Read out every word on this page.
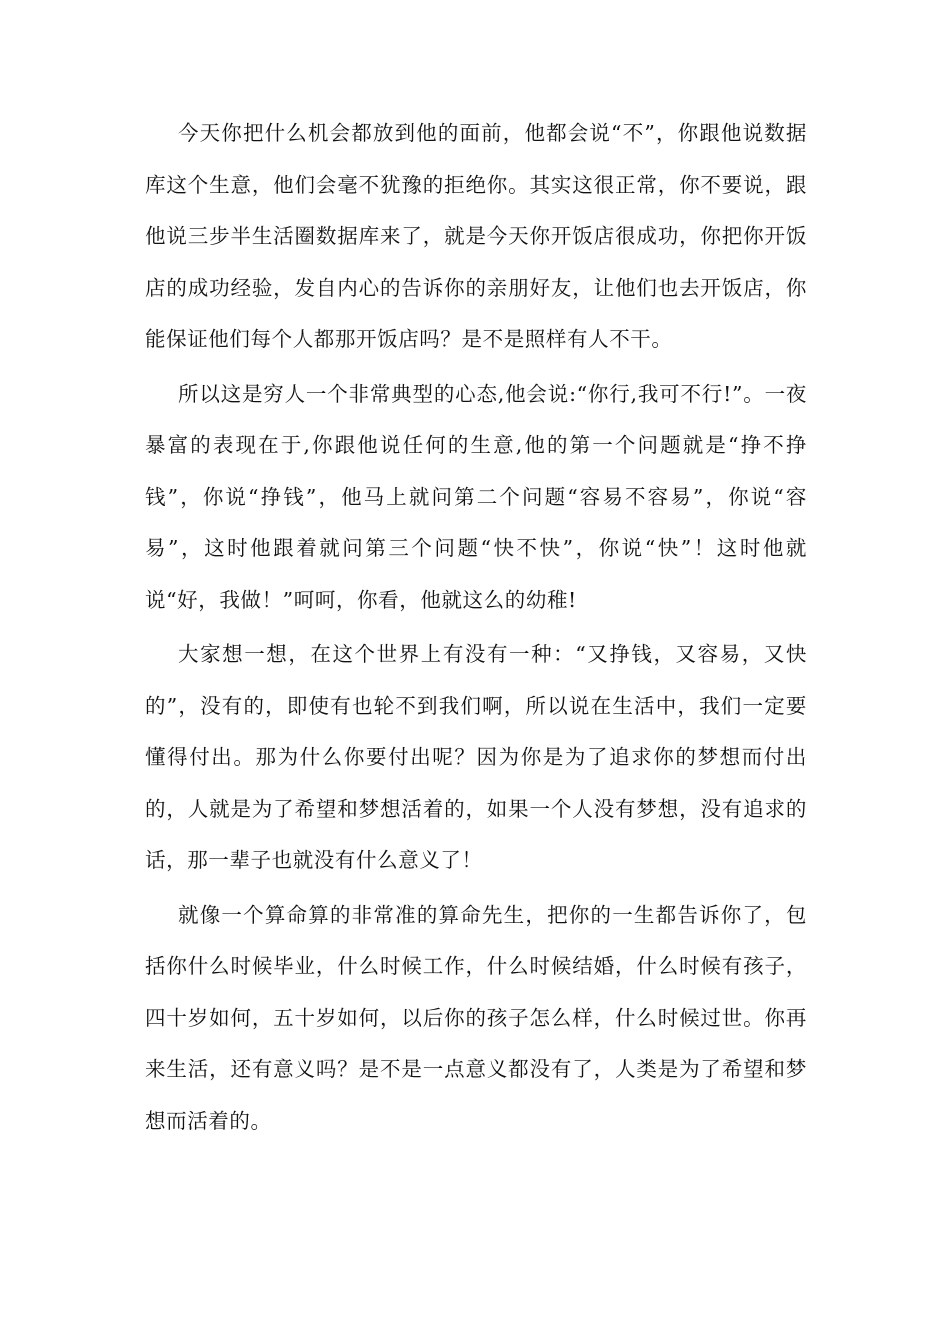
今天你把什么机会都放到他的面前，他都会说“不”，你跟他说数据库这个生意，他们会毫不犹豫的拒绝你。其实这很正常，你不要说，跟他说三步半生活圈数据库来了，就是今天你开饭店很成功，你把你开饭店的成功经验，发自内心的告诉你的亲朋好友，让他们也去开饭店，你能保证他们每个人都那开饭店吗？是不是照样有人不干。

所以这是穷人一个非常典型的心态,他会说:“你行,我可不行!”。一夜暴富的表现在于,你跟他说任何的生意,他的第一个问题就是“挣不挣钱”，你说“挣钱”，他马上就问第二个问题“容易不容易”，你说“容易”，这时他跟着就问第三个问题“快不快”，你说“快”！这时他就说“好，我做！”呵呵，你看，他就这么的幼稚!

大家想一想，在这个世界上有没有一种：“又挣钱，又容易，又快的”，没有的，即使有也轮不到我们啊，所以说在生活中，我们一定要懂得付出。那为什么你要付出呢？因为你是为了追求你的梦想而付出的，人就是为了希望和梦想活着的，如果一个人没有梦想，没有追求的话，那一辈子也就没有什么意义了！

就像一个算命算的非常准的算命先生，把你的一生都告诉你了，包括你什么时候毕业，什么时候工作，什么时候结婚，什么时候有孩子，四十岁如何，五十岁如何，以后你的孩子怎么样，什么时候过世。你再来生活，还有意义吗？是不是一点意义都没有了，人类是为了希望和梦想而活着的。
